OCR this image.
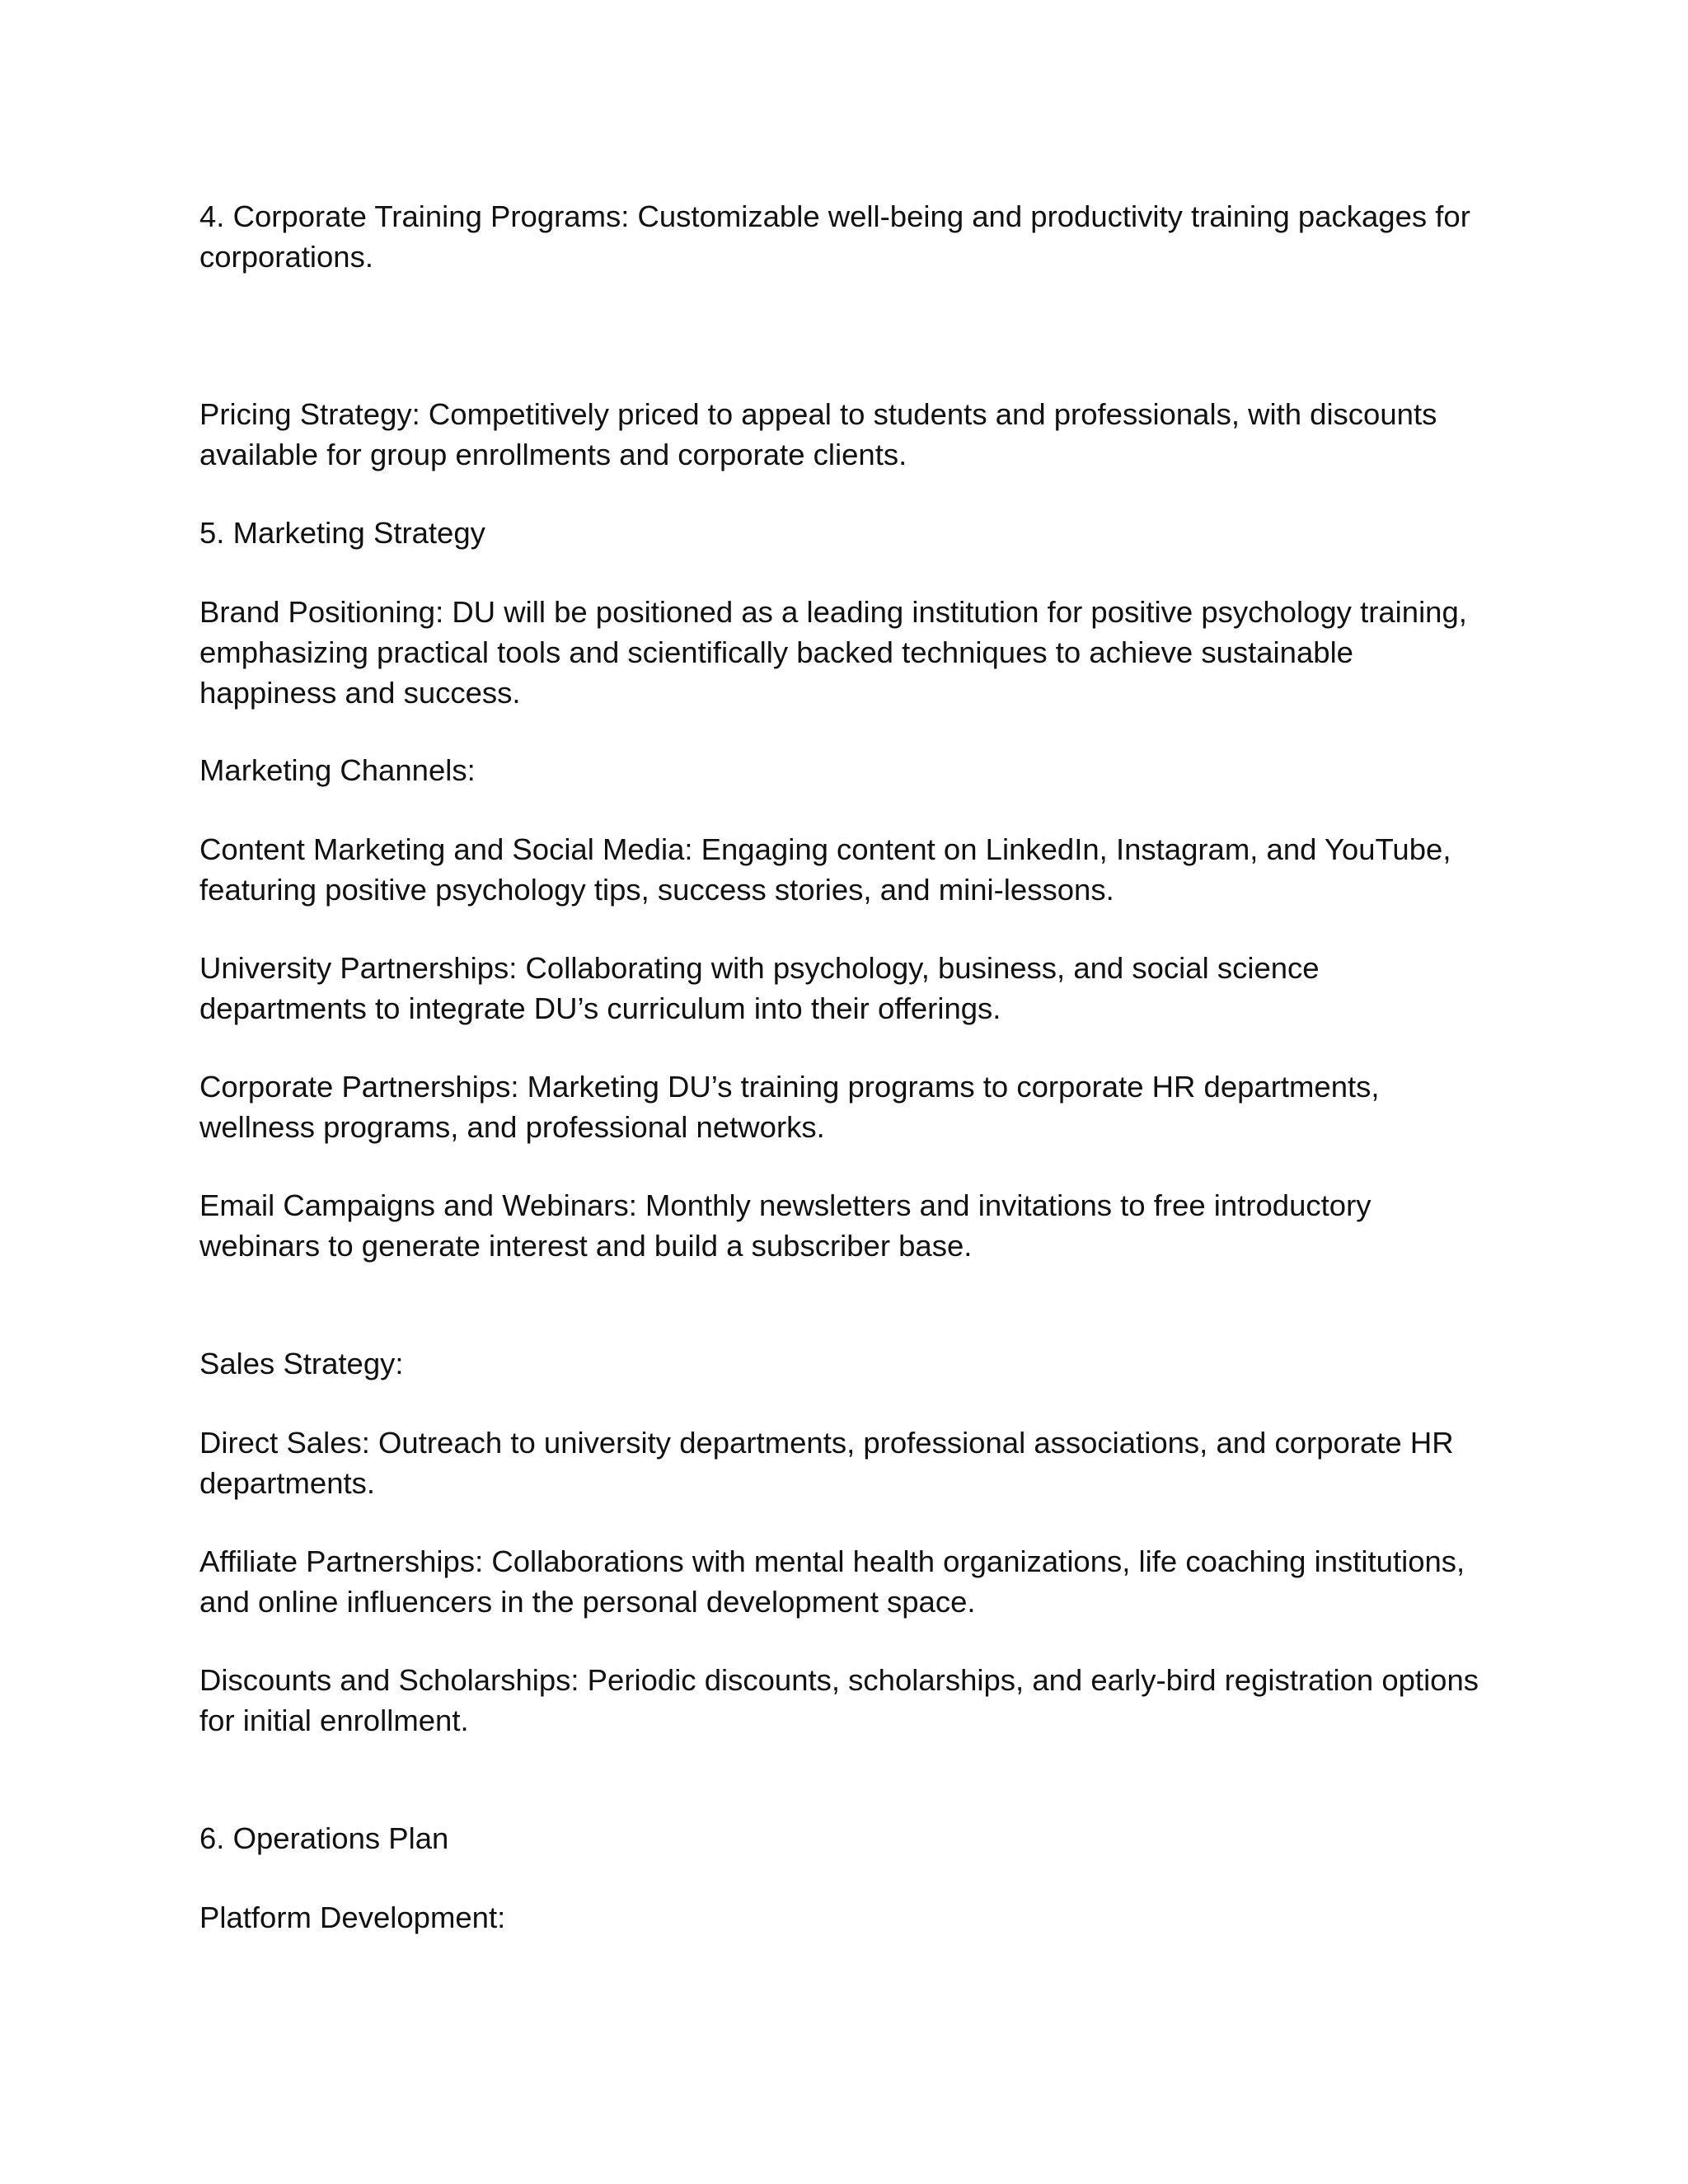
4. Corporate Training Programs: Customizable well-being and productivity training packages for
corporations.

Pricing Strategy: Competitively priced to appeal to students and professionals, with discounts
available for group enrollments and corporate clients.

5. Marketing Strategy

Brand Positioning: DU will be positioned as a leading institution for positive psychology training,
emphasizing practical tools and scientifically backed techniques to achieve sustainable
happiness and success.

Marketing Channels:

Content Marketing and Social Media: Engaging content on LinkedIn, Instagram, and YouTube,
featuring positive psychology tips, success stories, and mini-lessons.

University Partnerships: Collaborating with psychology, business, and social science
departments to integrate DU’s curriculum into their offerings.

Corporate Partnerships: Marketing DU’s training programs to corporate HR departments,
wellness programs, and professional networks.

Email Campaigns and Webinars: Monthly newsletters and invitations to free introductory
webinars to generate interest and build a subscriber base.

Sales Strategy:

Direct Sales: Outreach to university departments, professional associations, and corporate HR
departments.

Affiliate Partnerships: Collaborations with mental health organizations, life coaching institutions,
and online influencers in the personal development space.

Discounts and Scholarships: Periodic discounts, scholarships, and early-bird registration options
for initial enrollment.

6. Operations Plan

Platform Development:
